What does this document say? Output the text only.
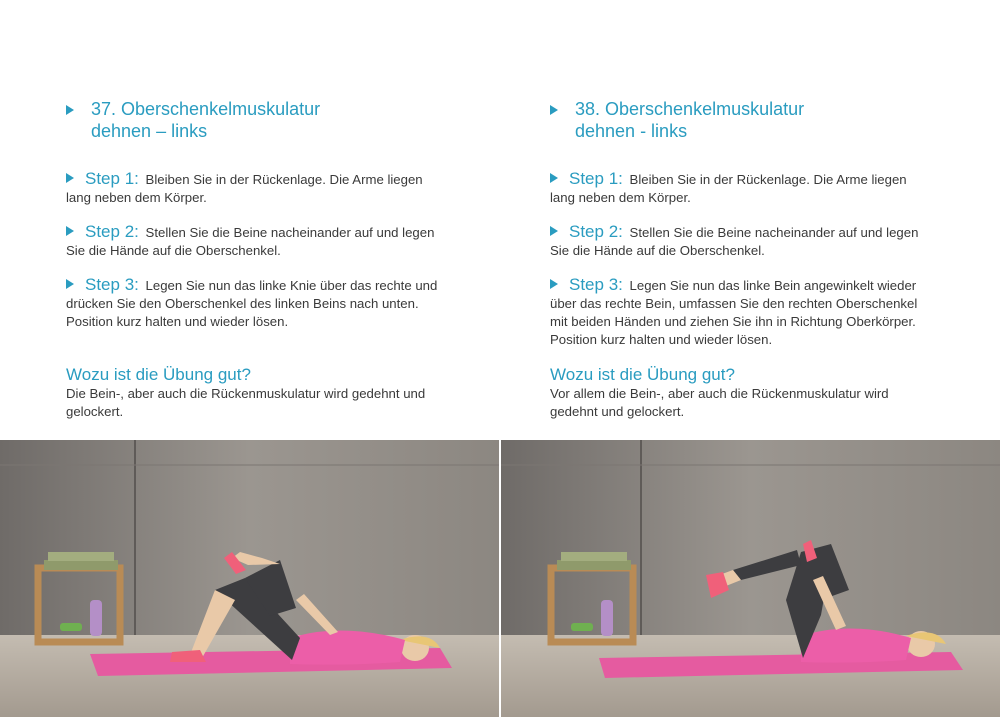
37. Oberschenkelmuskulatur
dehnen – links
Step 1: Bleiben Sie in der Rückenlage. Die Arme liegen lang neben dem Körper.
Step 2: Stellen Sie die Beine nacheinander auf und legen Sie die Hände auf die Oberschenkel.
Step 3: Legen Sie nun das linke Knie über das rechte und drücken Sie den Oberschenkel des linken Beins nach unten. Position kurz halten und wieder lösen.
Wozu ist die Übung gut?
Die Bein-, aber auch die Rückenmuskulatur wird gedehnt und gelockert.
38. Oberschenkelmuskulatur
dehnen - links
Step 1: Bleiben Sie in der Rückenlage. Die Arme liegen lang neben dem Körper.
Step 2: Stellen Sie die Beine nacheinander auf und legen Sie die Hände auf die Oberschenkel.
Step 3: Legen Sie nun das linke Bein angewinkelt wieder über das rechte Bein, umfassen Sie den rechten Oberschenkel mit beiden Händen und ziehen Sie ihn in Richtung Oberkörper. Position kurz halten und wieder lösen.
Wozu ist die Übung gut?
Vor allem die Bein-, aber auch die Rückenmuskulatur wird gedehnt und gelockert.
